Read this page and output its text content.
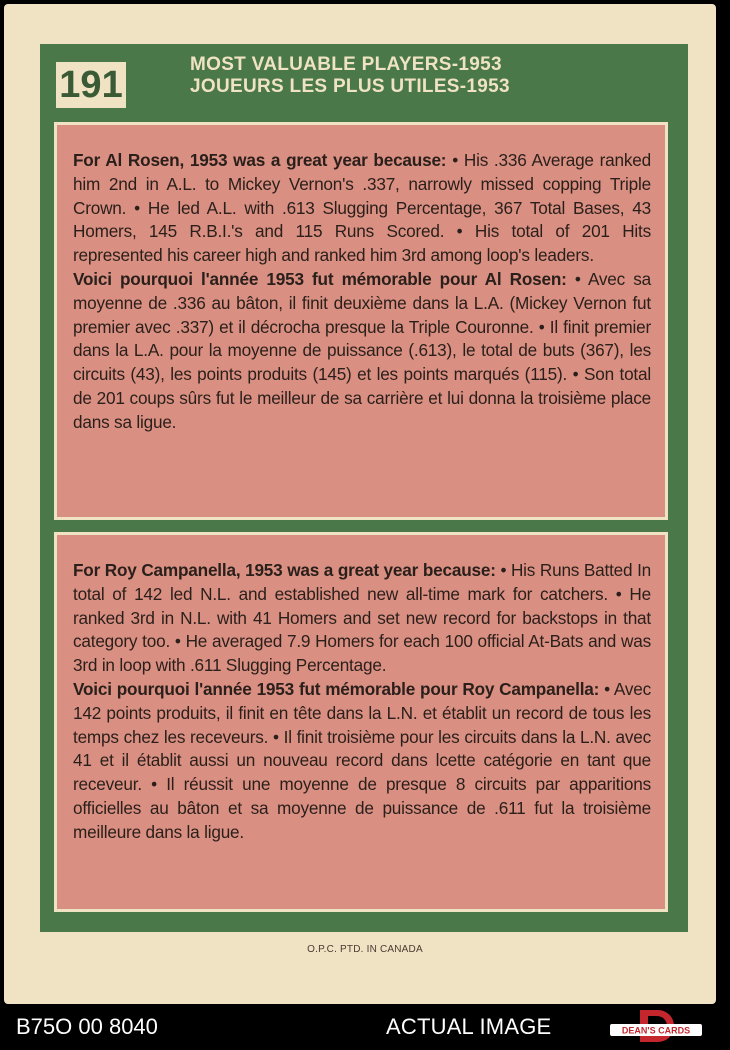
191	MOST VALUABLE PLAYERS-1953
JOUEURS LES PLUS UTILES-1953
For Al Rosen, 1953 was a great year because: • His .336 Average ranked him 2nd in A.L. to Mickey Vernon's .337, narrowly missed copping Triple Crown. • He led A.L. with .613 Slugging Percentage, 367 Total Bases, 43 Homers, 145 R.B.I.'s and 115 Runs Scored. • His total of 201 Hits represented his career high and ranked him 3rd among loop's leaders.
Voici pourquoi l'année 1953 fut mémorable pour Al Rosen: • Avec sa moyenne de .336 au bâton, il finit deuxième dans la L.A. (Mickey Vernon fut premier avec .337) et il décrocha presque la Triple Couronne. • Il finit premier dans la L.A. pour la moyenne de puissance (.613), le total de buts (367), les circuits (43), les points produits (145) et les points marqués (115). • Son total de 201 coups sûrs fut le meilleur de sa carrière et lui donna la troisième place dans sa ligue.
For Roy Campanella, 1953 was a great year because: • His Runs Batted In total of 142 led N.L. and established new all-time mark for catchers. • He ranked 3rd in N.L. with 41 Homers and set new record for backstops in that category too. • He averaged 7.9 Homers for each 100 official At-Bats and was 3rd in loop with .611 Slugging Percentage.
Voici pourquoi l'année 1953 fut mémorable pour Roy Campanella: • Avec 142 points produits, il finit en tête dans la L.N. et établit un record de tous les temps chez les receveurs. • Il finit troisième pour les circuits dans la L.N. avec 41 et il établit aussi un nouveau record dans lcette catégorie en tant que receveur. • Il réussit une moyenne de presque 8 circuits par apparitions officielles au bâton et sa moyenne de puissance de .611 fut la troisième meilleure dans la ligue.
O.P.C. PTD. IN CANADA
B75O 00 8040	ACTUAL IMAGE	DEAN'S CARDS
